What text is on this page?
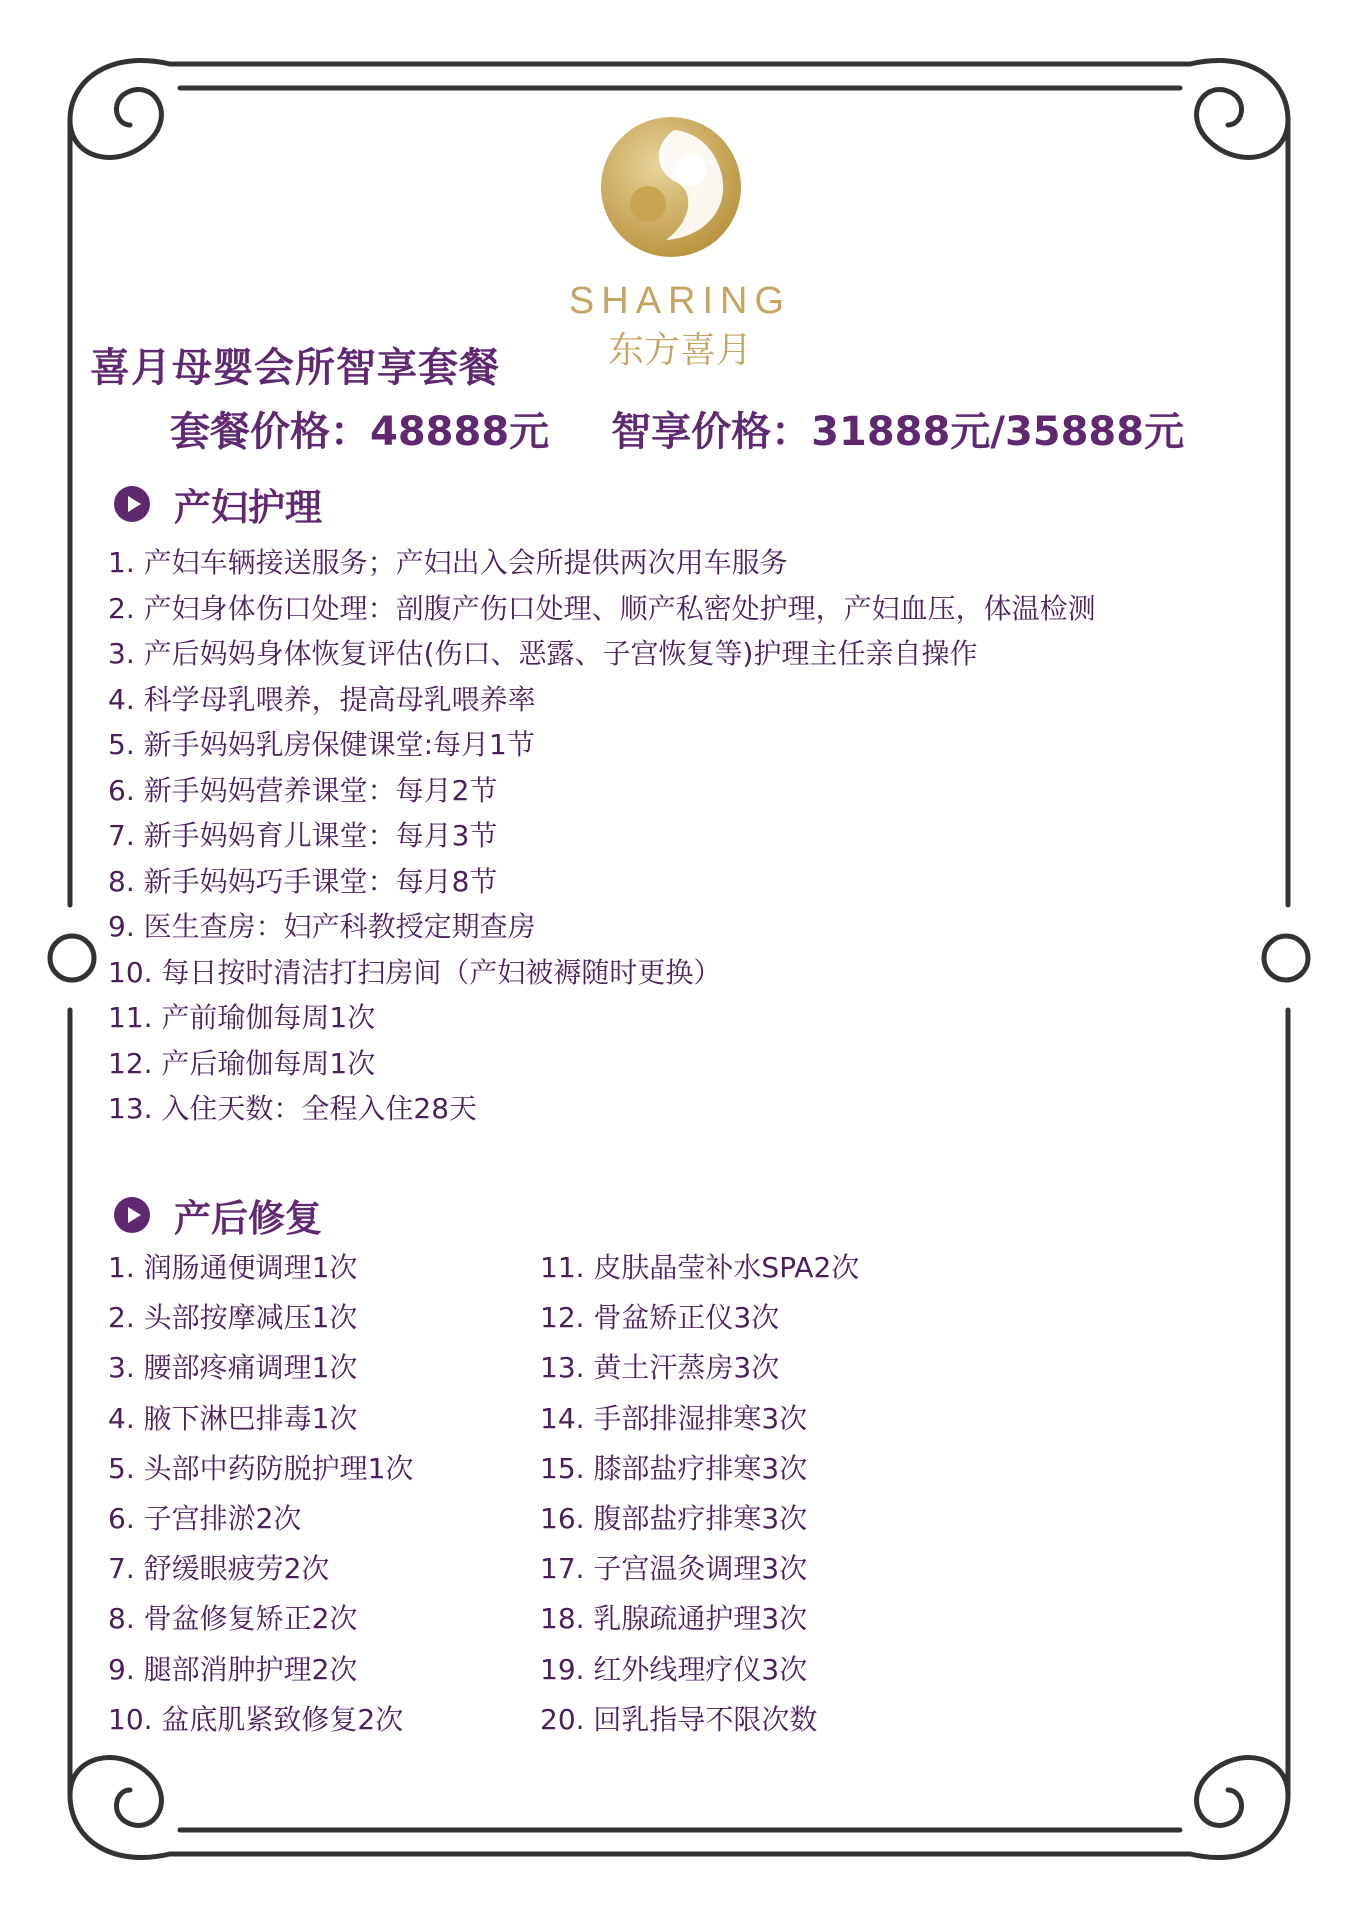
SHARING
东方喜月
喜月母婴会所智享套餐
套餐价格：48888元 智享价格：31888元/35888元
产妇护理
1. 产妇车辆接送服务；产妇出入会所提供两次用车服务
2. 产妇身体伤口处理：剖腹产伤口处理、顺产私密处护理，产妇血压，体温检测
3. 产后妈妈身体恢复评估(伤口、恶露、子宫恢复等)护理主任亲自操作
4. 科学母乳喂养，提高母乳喂养率
5. 新手妈妈乳房保健课堂:每月1节
6. 新手妈妈营养课堂：每月2节
7. 新手妈妈育儿课堂：每月3节
8. 新手妈妈巧手课堂：每月8节
9. 医生查房：妇产科教授定期查房
10. 每日按时清洁打扫房间（产妇被褥随时更换）
11. 产前瑜伽每周1次
12. 产后瑜伽每周1次
13. 入住天数：全程入住28天
产后修复
1. 润肠通便调理1次
2. 头部按摩减压1次
3. 腰部疼痛调理1次
4. 腋下淋巴排毒1次
5. 头部中药防脱护理1次
6. 子宫排淤2次
7. 舒缓眼疲劳2次
8. 骨盆修复矫正2次
9. 腿部消肿护理2次
10. 盆底肌紧致修复2次
11. 皮肤晶莹补水SPA2次
12. 骨盆矫正仪3次
13. 黄土汗蒸房3次
14. 手部排湿排寒3次
15. 膝部盐疗排寒3次
16. 腹部盐疗排寒3次
17. 子宫温灸调理3次
18. 乳腺疏通护理3次
19. 红外线理疗仪3次
20. 回乳指导不限次数
